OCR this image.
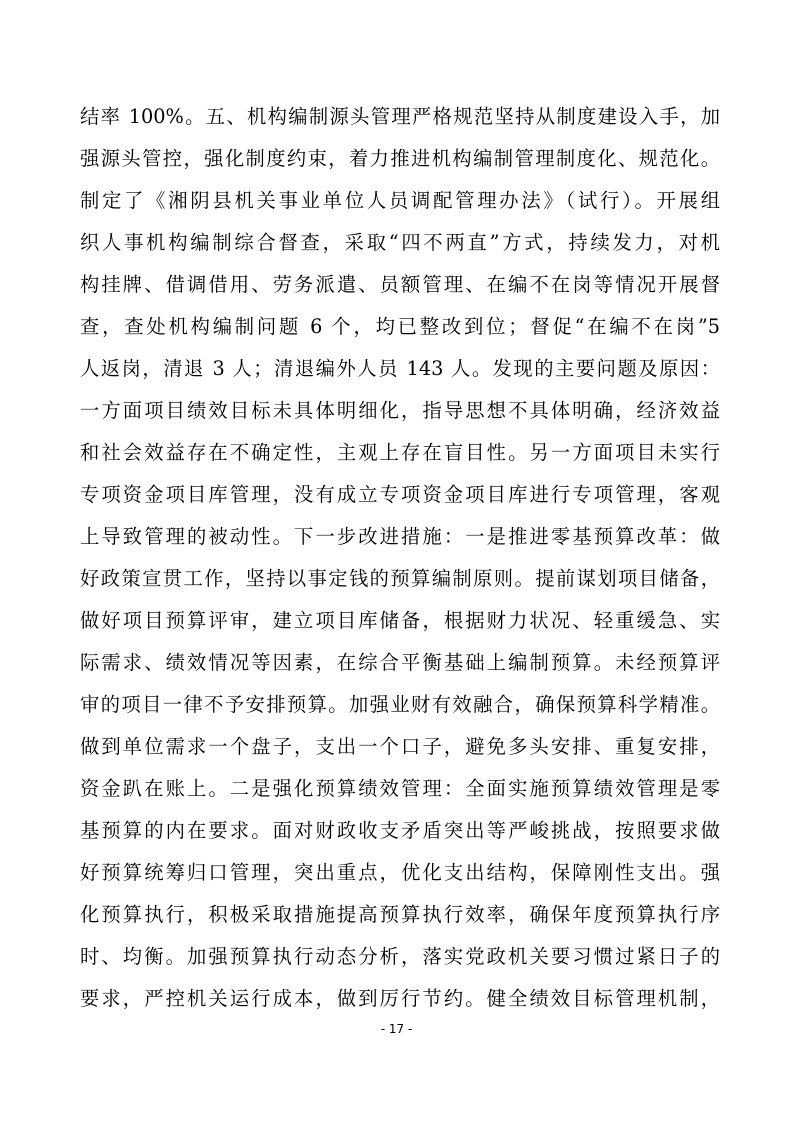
结率 100%。五、机构编制源头管理严格规范坚持从制度建设入手，加
强源头管控，强化制度约束，着力推进机构编制管理制度化、规范化。
制定了《湘阴县机关事业单位人员调配管理办法》（试行）。开展组
织人事机构编制综合督查，采取“四不两直”方式，持续发力，对机
构挂牌、借调借用、劳务派遣、员额管理、在编不在岗等情况开展督
查，查处机构编制问题 6 个，均已整改到位；督促“在编不在岗”5
人返岗，清退 3 人；清退编外人员 143 人。发现的主要问题及原因：
一方面项目绩效目标未具体明细化，指导思想不具体明确，经济效益
和社会效益存在不确定性，主观上存在盲目性。另一方面项目未实行
专项资金项目库管理，没有成立专项资金项目库进行专项管理，客观
上导致管理的被动性。下一步改进措施：一是推进零基预算改革：做
好政策宣贯工作，坚持以事定钱的预算编制原则。提前谋划项目储备，
做好项目预算评审，建立项目库储备，根据财力状况、轻重缓急、实
际需求、绩效情况等因素，在综合平衡基础上编制预算。未经预算评
审的项目一律不予安排预算。加强业财有效融合，确保预算科学精准。
做到单位需求一个盘子，支出一个口子，避免多头安排、重复安排，
资金趴在账上。二是强化预算绩效管理：全面实施预算绩效管理是零
基预算的内在要求。面对财政收支矛盾突出等严峻挑战，按照要求做
好预算统筹归口管理，突出重点，优化支出结构，保障刚性支出。强
化预算执行，积极采取措施提高预算执行效率，确保年度预算执行序
时、均衡。加强预算执行动态分析，落实党政机关要习惯过紧日子的
要求，严控机关运行成本，做到厉行节约。健全绩效目标管理机制，
- 17 -
